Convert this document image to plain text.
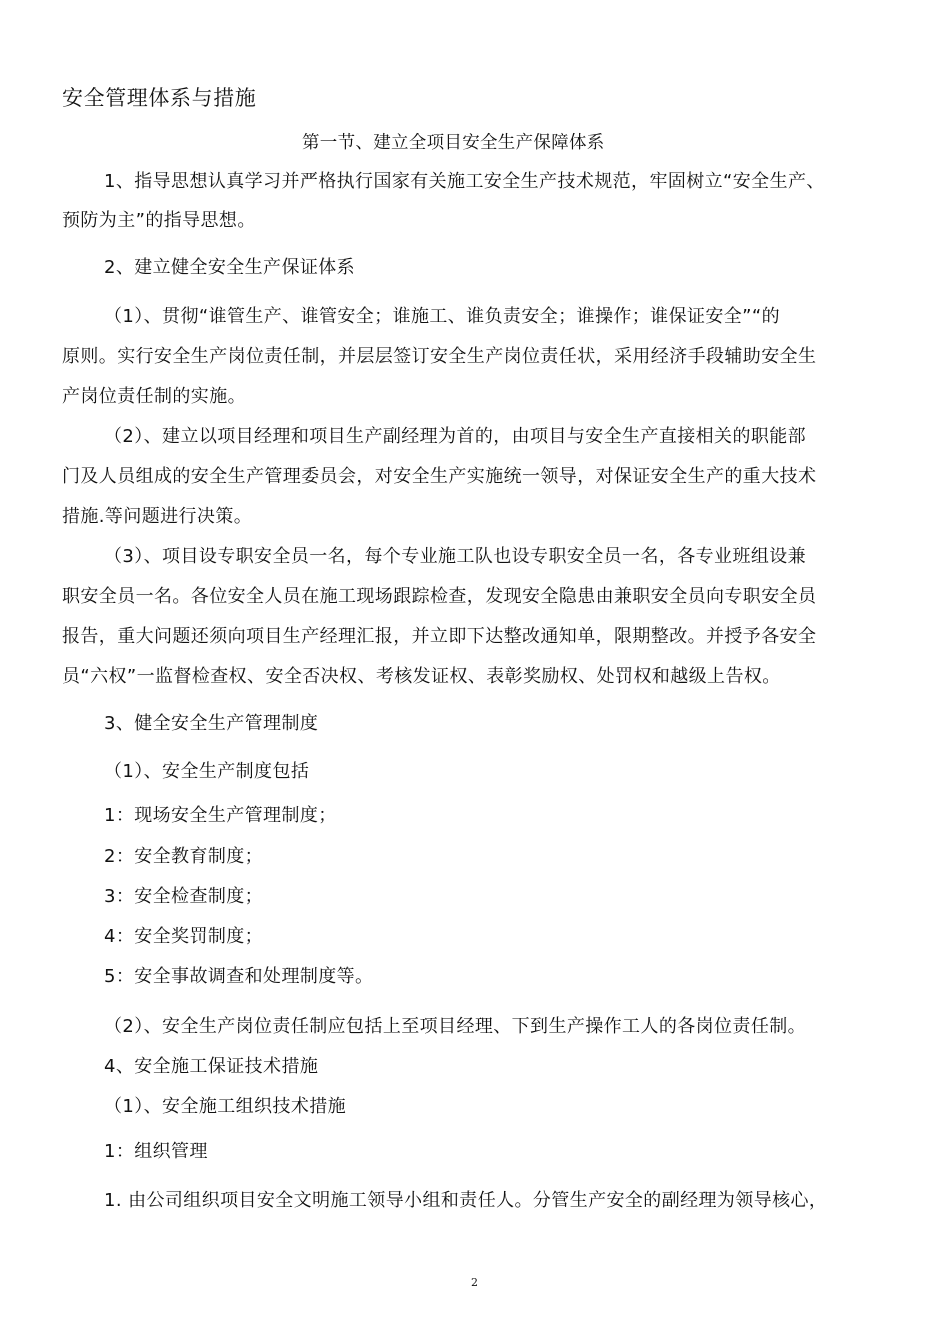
安全管理体系与措施
第一节、建立全项目安全生产保障体系
1、指导思想认真学习并严格执行国家有关施工安全生产技术规范，牢固树立“安全生产、
预防为主”的指导思想。
2、建立健全安全生产保证体系
（1）、贯彻“谁管生产、谁管安全；谁施工、谁负责安全；谁操作；谁保证安全”“的
原则。实行安全生产岗位责任制，并层层签订安全生产岗位责任状，采用经济手段辅助安全生
产岗位责任制的实施。
（2）、建立以项目经理和项目生产副经理为首的，由项目与安全生产直接相关的职能部
门及人员组成的安全生产管理委员会，对安全生产实施统一领导，对保证安全生产的重大技术
措施.等问题进行决策。
（3）、项目设专职安全员一名，每个专业施工队也设专职安全员一名，各专业班组设兼
职安全员一名。各位安全人员在施工现场跟踪检查，发现安全隐患由兼职安全员向专职安全员
报告，重大问题还须向项目生产经理汇报，并立即下达整改通知单，限期整改。并授予各安全
员“六权”一监督检查权、安全否决权、考核发证权、表彰奖励权、处罚权和越级上告权。
3、健全安全生产管理制度
（1）、安全生产制度包括
1：现场安全生产管理制度；
2：安全教育制度；
3：安全检查制度；
4：安全奖罚制度；
5：安全事故调查和处理制度等。
（2）、安全生产岗位责任制应包括上至项目经理、下到生产操作工人的各岗位责任制。
4、安全施工保证技术措施
（1）、安全施工组织技术措施
1：组织管理
1. 由公司组织项目安全文明施工领导小组和责任人。分管生产安全的副经理为领导核心，
2
